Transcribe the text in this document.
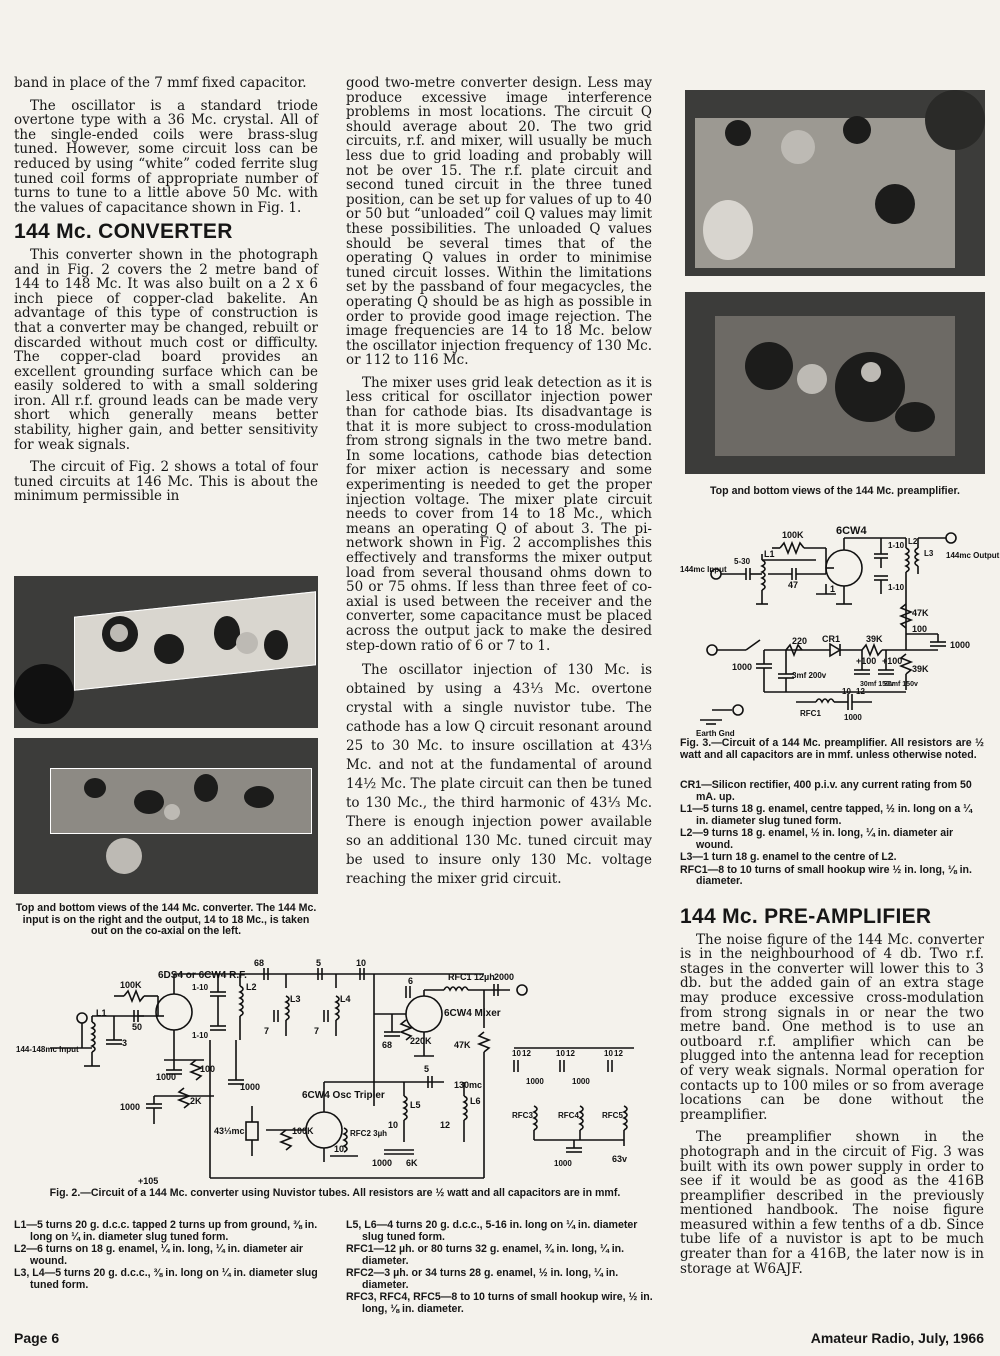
band in place of the 7 mmf fixed capacitor.

The oscillator is a standard triode overtone type with a 36 Mc. crystal. All of the single-ended coils were brass-slug tuned. However, some circuit loss can be reduced by using “white” coded ferrite slug tuned coil forms of appropriate number of turns to tune to a little above 50 Mc. with the values of capacitance shown in Fig. 1.

144 Mc. CONVERTER

This converter shown in the photograph and in Fig. 2 covers the 2 metre band of 144 to 148 Mc. It was also built on a 2 x 6 inch piece of copper-clad bakelite. An advantage of this type of construction is that a converter may be changed, rebuilt or discarded without much cost or difficulty. The copper-clad board provides an excellent grounding surface which can be easily soldered to with a small soldering iron. All r.f. ground leads can be made very short which generally means better stability, higher gain, and better sensitivity for weak signals.

The circuit of Fig. 2 shows a total of four tuned circuits at 146 Mc. This is about the minimum permissible in

Top and bottom views of the 144 Mc. converter. The 144 Mc. input is on the right and the output, 14 to 18 Mc., is taken out on the co-axial on the left.

good two-metre converter design. Less may produce excessive image interference problems in most locations. The circuit Q should average about 20. The two grid circuits, r.f. and mixer, will usually be much less due to grid loading and probably will not be over 15. The r.f. plate circuit and second tuned circuit in the three tuned position, can be set up for values of up to 40 or 50 but “unloaded” coil Q values may limit these possibilities. The unloaded Q values should be several times that of the operating Q values in order to minimise tuned circuit losses. Within the limitations set by the passband of four megacycles, the operating Q should be as high as possible in order to provide good image rejection. The image frequencies are 14 to 18 Mc. below the oscillator injection frequency of 130 Mc. or 112 to 116 Mc.

The mixer uses grid leak detection as it is less critical for oscillator injection power than for cathode bias. Its disadvantage is that it is more subject to cross-modulation from strong signals in the two metre band. In some locations, cathode bias detection for mixer action is necessary and some experimenting is needed to get the proper injection voltage. The mixer plate circuit needs to cover from 14 to 18 Mc., which means an operating Q of about 3. The pi-network shown in Fig. 2 accomplishes this effectively and transforms the mixer output load from several thousand ohms down to 50 or 75 ohms. If less than three feet of co-axial is used between the receiver and the converter, some capacitance must be placed across the output jack to make the desired step-down ratio of 6 or 7 to 1.

The oscillator injection of 130 Mc. is obtained by using a 43⅓ Mc. overtone crystal with a single nuvistor tube. The cathode has a low Q circuit resonant around 25 to 30 Mc. to insure oscillation at 43⅓ Mc. and not at the fundamental of around 14½ Mc. The plate circuit can then be tuned to 130 Mc., the third harmonic of 43⅓ Mc. There is enough injection power available so an additional 130 Mc. tuned circuit may be used to insure only 130 Mc. voltage reaching the mixer grid circuit.

Top and bottom views of the 144 Mc. preamplifier.
6CW4
100K
L1
5-30
47	1
1-10
1-10
L2
L3
144mc Input
144mc Output
47K
100
1000
220 CR1	39K
+100 +100
39K
1000
3mf 200v
30mf 150v
30mf 150v
RFC1	1000
12
10
Earth Gnd
Fig. 3.—Circuit of a 144 Mc. preamplifier. All resistors are ½ watt and all capacitors are in mmf. unless otherwise noted.
CR1—Silicon rectifier, 400 p.i.v. any current rating from 50 mA. up.
L1—5 turns 18 g. enamel, centre tapped, ½ in. long on a ¼ in. diameter slug tuned form.
L2—9 turns 18 g. enamel, ½ in. long, ¼ in. diameter air wound.
L3—1 turn 18 g. enamel to the centre of L2.
RFC1—8 to 10 turns of small hookup wire ½ in. long, ⅛ in. diameter.
144 Mc. PRE-AMPLIFIER

The noise figure of the 144 Mc. converter is in the neighbourhood of 4 db. Two r.f. stages in the converter will lower this to 3 db. but the added gain of an extra stage may produce excessive cross-modulation from strong signals in or near the two metre band. One method is to use an outboard r.f. amplifier which can be plugged into the antenna lead for reception of very weak signals. Normal operation for contacts up to 100 miles or so from average locations can be done without the preamplifier.

The preamplifier shown in the photograph and in the circuit of Fig. 3 was built with its own power supply in order to see if it would be as good as the 416B preamplifier described in the previously mentioned handbook. The noise figure measured within a few tenths of a db. Since tube life of a nuvistor is apt to be much greater than for a 416B, the later now is in storage at W6AJF.

6DS4 or 6CW4 R.F.
68	5	10
RFC1 12µh 2000
100K
L1
50
3
1-10
1-10
L2
L3	L4
7	7
6
6CW4 Mixer
220K
68	47K
144-148mc Input
1000
100
1000
2K
1000
6CW4 Osc Tripler
43⅓mc	100K	RFC2 3µh
10
5
130mc
L5	L6
10	12
1000 6K
RFC3	RFC4	RFC5
10 12
1000
10 12
1000
10 12
1000	63v
+105
Fig. 2.—Circuit of a 144 Mc. converter using Nuvistor tubes. All resistors are ½ watt and all capacitors are in mmf.
L1—5 turns 20 g. d.c.c. tapped 2 turns up from ground, ⅜ in. long on ¼ in. diameter slug tuned form.
L2—6 turns on 18 g. enamel, ¼ in. long, ¼ in. diameter air wound.
L3, L4—5 turns 20 g. d.c.c., ⅜ in. long on ¼ in. diameter slug tuned form.
L5, L6—4 turns 20 g. d.c.c., 5-16 in. long on ¼ in. diameter slug tuned form.
RFC1—12 µh. or 80 turns 32 g. enamel, ¾ in. long, ¼ in. diameter.
RFC2—3 µh. or 34 turns 28 g. enamel, ½ in. long, ¼ in. diameter.
RFC3, RFC4, RFC5—8 to 10 turns of small hookup wire, ½ in. long, ⅛ in. diameter.
Page 6	Amateur Radio, July, 1966
